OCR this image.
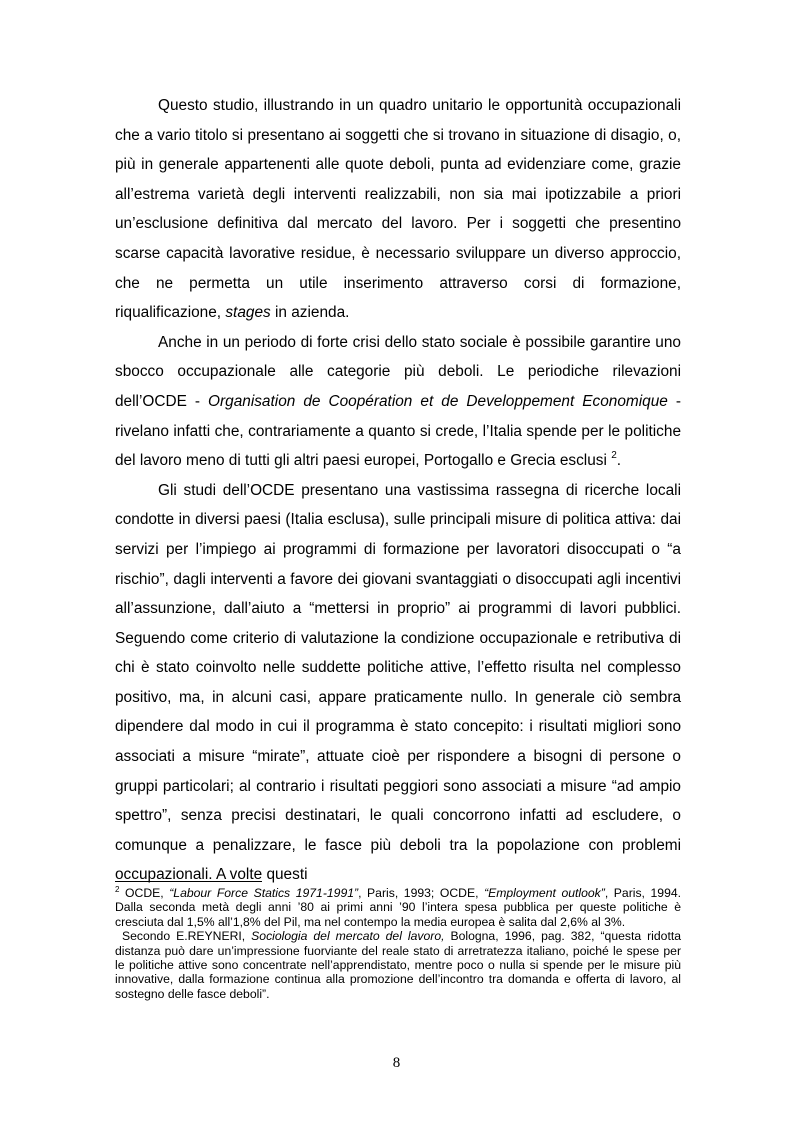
Questo studio, illustrando in un quadro unitario le opportunità occupazionali che a vario titolo si presentano ai soggetti che si trovano in situazione di disagio, o, più in generale appartenenti alle quote deboli, punta ad evidenziare come, grazie all’estrema varietà degli interventi realizzabili, non sia mai ipotizzabile a priori un’esclusione definitiva dal mercato del lavoro. Per i soggetti che presentino scarse capacità lavorative residue, è necessario sviluppare un diverso approccio, che ne permetta un utile inserimento attraverso corsi di formazione, riqualificazione, stages in azienda.

Anche in un periodo di forte crisi dello stato sociale è possibile garantire uno sbocco occupazionale alle categorie più deboli. Le periodiche rilevazioni dell’OCDE - Organisation de Coopération et de Developpement Economique - rivelano infatti che, contrariamente a quanto si crede, l’Italia spende per le politiche del lavoro meno di tutti gli altri paesi europei, Portogallo e Grecia esclusi $^2$.

Gli studi dell’OCDE presentano una vastissima rassegna di ricerche locali condotte in diversi paesi (Italia esclusa), sulle principali misure di politica attiva: dai servizi per l’impiego ai programmi di formazione per lavoratori disoccupati o “a rischio”, dagli interventi a favore dei giovani svantaggiati o disoccupati agli incentivi all’assunzione, dall’aiuto a “mettersi in proprio” ai programmi di lavori pubblici. Seguendo come criterio di valutazione la condizione occupazionale e retributiva di chi è stato coinvolto nelle suddette politiche attive, l’effetto risulta nel complesso positivo, ma, in alcuni casi, appare praticamente nullo. In generale ciò sembra dipendere dal modo in cui il programma è stato concepito: i risultati migliori sono associati a misure “mirate”, attuate cioè per rispondere a bisogni di persone o gruppi particolari; al contrario i risultati peggiori sono associati a misure “ad ampio spettro”, senza precisi destinatari, le quali concorrono infatti ad escludere, o comunque a penalizzare, le fasce più deboli tra la popolazione con problemi occupazionali. A volte questi

$^2$ OCDE, “Labour Force Statics 1971-1991”, Paris, 1993; OCDE, “Employment outlook”, Paris, 1994. Dalla seconda metà degli anni ’80 ai primi anni ’90 l’intera spesa pubblica per queste politiche è cresciuta dal 1,5% all’1,8% del Pil, ma nel contempo la media europea è salita dal 2,6% al 3%.

Secondo E.REYNERI, Sociologia del mercato del lavoro, Bologna, 1996, pag. 382, “questa ridotta distanza può dare un’impressione fuorviante del reale stato di arretratezza italiano, poiché le spese per le politiche attive sono concentrate nell’apprendistato, mentre poco o nulla si spende per le misure più innovative, dalla formazione continua alla promozione dell’incontro tra domanda e offerta di lavoro, al sostegno delle fasce deboli”.

8
